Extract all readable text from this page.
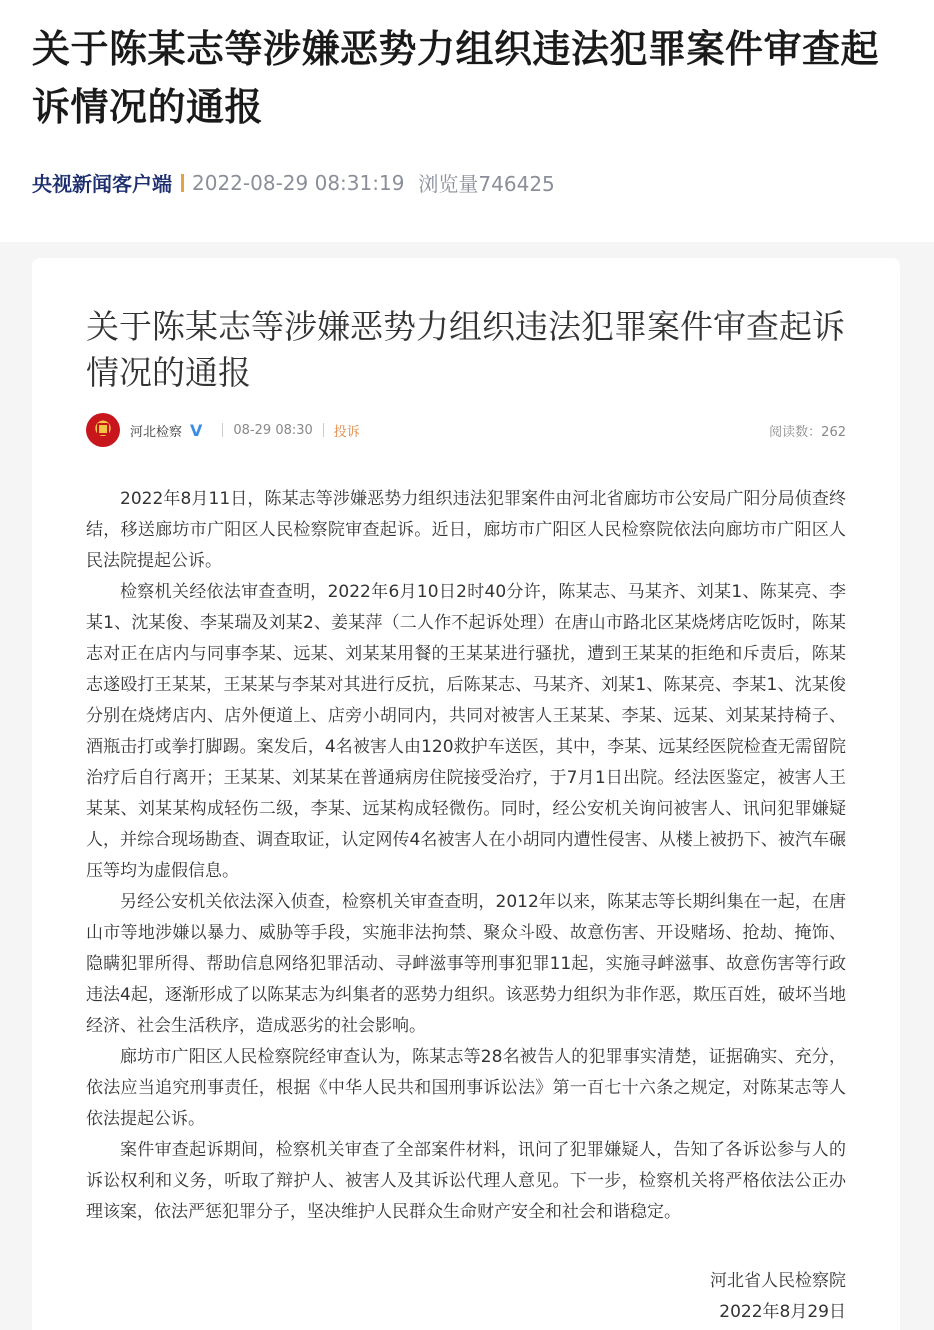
关于陈某志等涉嫌恶势力组织违法犯罪案件审查起诉情况的通报
央视新闻客户端 2022-08-29 08:31:19 浏览量746425
关于陈某志等涉嫌恶势力组织违法犯罪案件审查起诉情况的通报
河北检察 V 08-29 08:30 投诉	阅读数：262

2022年8月11日，陈某志等涉嫌恶势力组织违法犯罪案件由河北省廊坊市公安局广阳分局侦查终结，移送廊坊市广阳区人民检察院审查起诉。近日，廊坊市广阳区人民检察院依法向廊坊市广阳区人民法院提起公诉。

检察机关经依法审查查明，2022年6月10日2时40分许，陈某志、马某齐、刘某1、陈某亮、李某1、沈某俊、李某瑞及刘某2、姜某萍（二人作不起诉处理）在唐山市路北区某烧烤店吃饭时，陈某志对正在店内与同事李某、远某、刘某某用餐的王某某进行骚扰，遭到王某某的拒绝和斥责后，陈某志遂殴打王某某，王某某与李某对其进行反抗，后陈某志、马某齐、刘某1、陈某亮、李某1、沈某俊分别在烧烤店内、店外便道上、店旁小胡同内，共同对被害人王某某、李某、远某、刘某某持椅子、酒瓶击打或拳打脚踢。案发后，4名被害人由120救护车送医，其中，李某、远某经医院检查无需留院治疗后自行离开；王某某、刘某某在普通病房住院接受治疗，于7月1日出院。经法医鉴定，被害人王某某、刘某某构成轻伤二级，李某、远某构成轻微伤。同时，经公安机关询问被害人、讯问犯罪嫌疑人，并综合现场勘查、调查取证，认定网传4名被害人在小胡同内遭性侵害、从楼上被扔下、被汽车碾压等均为虚假信息。

另经公安机关依法深入侦查，检察机关审查查明，2012年以来，陈某志等长期纠集在一起，在唐山市等地涉嫌以暴力、威胁等手段，实施非法拘禁、聚众斗殴、故意伤害、开设赌场、抢劫、掩饰、隐瞒犯罪所得、帮助信息网络犯罪活动、寻衅滋事等刑事犯罪11起，实施寻衅滋事、故意伤害等行政违法4起，逐渐形成了以陈某志为纠集者的恶势力组织。该恶势力组织为非作恶，欺压百姓，破坏当地经济、社会生活秩序，造成恶劣的社会影响。

廊坊市广阳区人民检察院经审查认为，陈某志等28名被告人的犯罪事实清楚，证据确实、充分，依法应当追究刑事责任，根据《中华人民共和国刑事诉讼法》第一百七十六条之规定，对陈某志等人依法提起公诉。

案件审查起诉期间，检察机关审查了全部案件材料，讯问了犯罪嫌疑人，告知了各诉讼参与人的诉讼权利和义务，听取了辩护人、被害人及其诉讼代理人意见。下一步，检察机关将严格依法公正办理该案，依法严惩犯罪分子，坚决维护人民群众生命财产安全和社会和谐稳定。

河北省人民检察院
2022年8月29日
